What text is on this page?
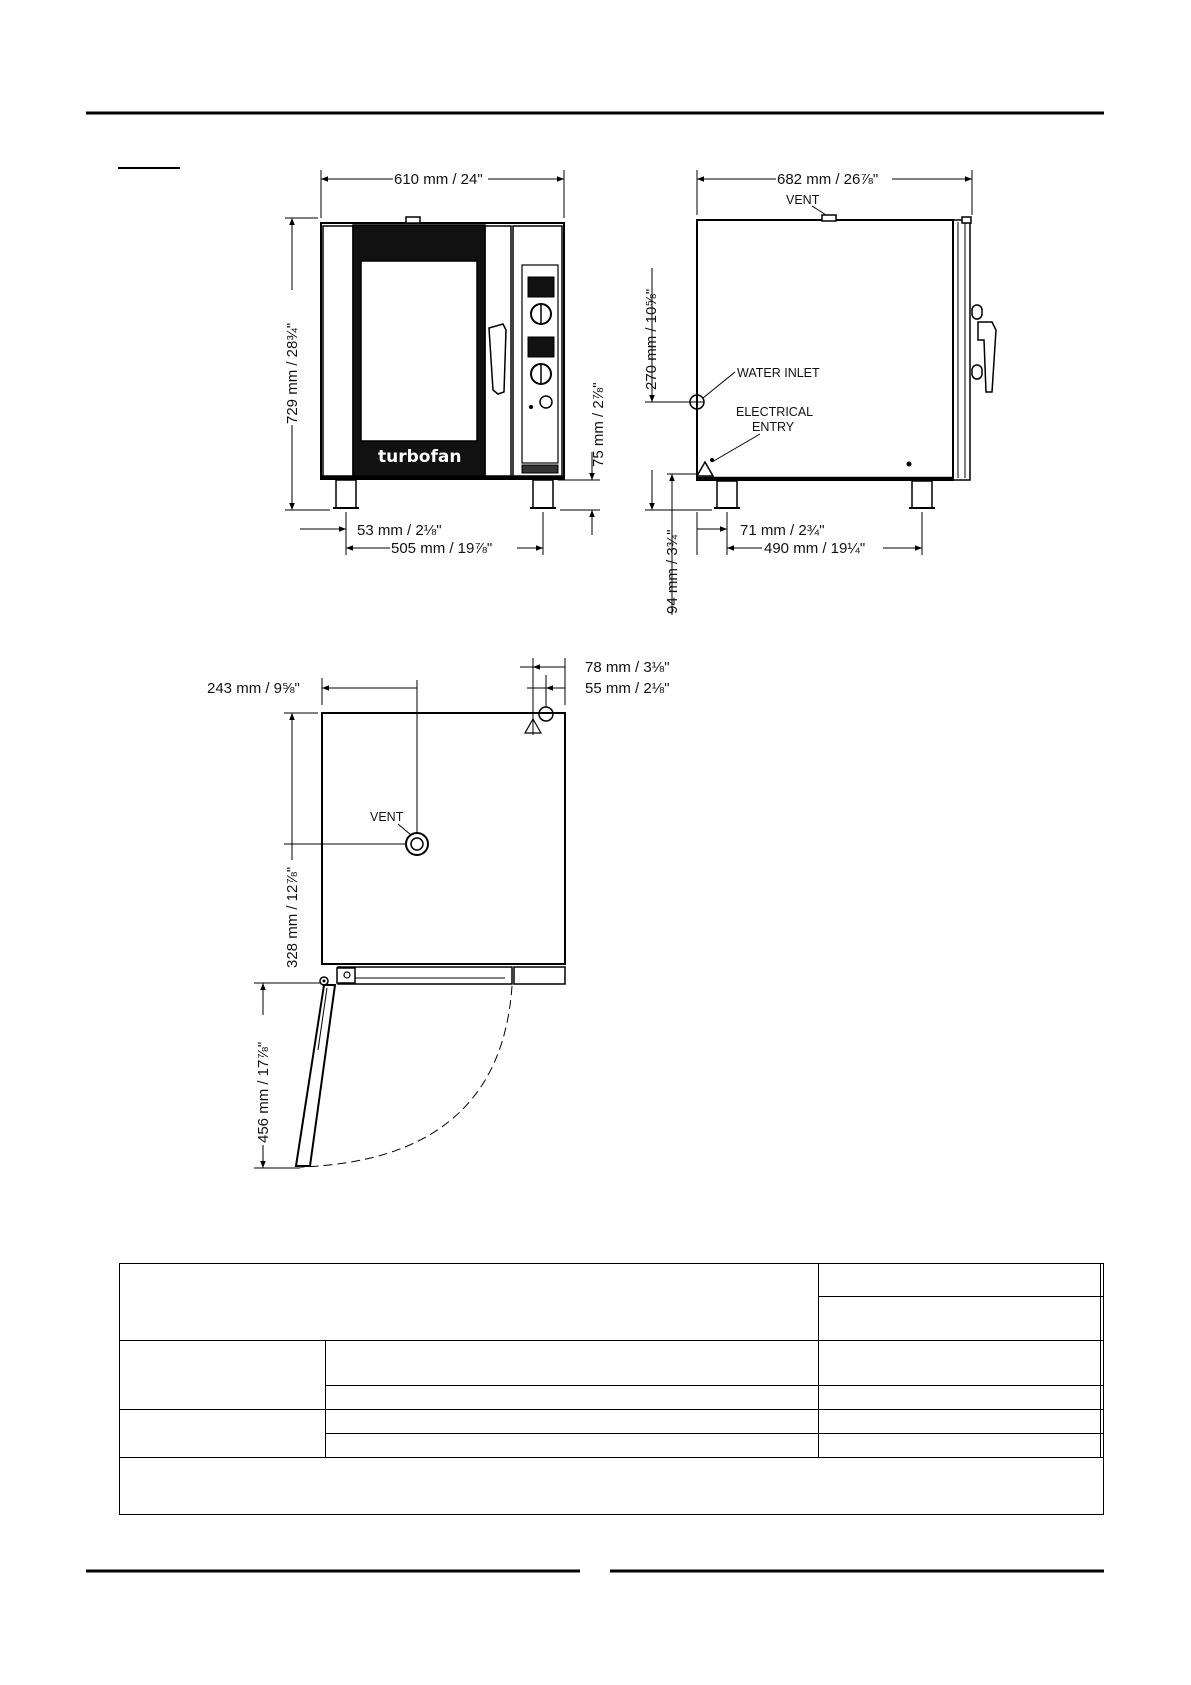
turbofan
610 mm / 24"
729 mm / 28¾"
75 mm / 2⅞"
53 mm / 2⅛"
505 mm / 19⅞"
VENT
WATER INLET
ELECTRICAL
ENTRY
682 mm / 26⅞"
270 mm / 10⅝"
94 mm / 3¾"	71 mm / 2¾"
490 mm / 19¼"
78 mm / 3⅛"
55 mm / 2⅛"
243 mm / 9⅝"
VENT
328 mm / 12⅞"
456 mm / 17⅞"
